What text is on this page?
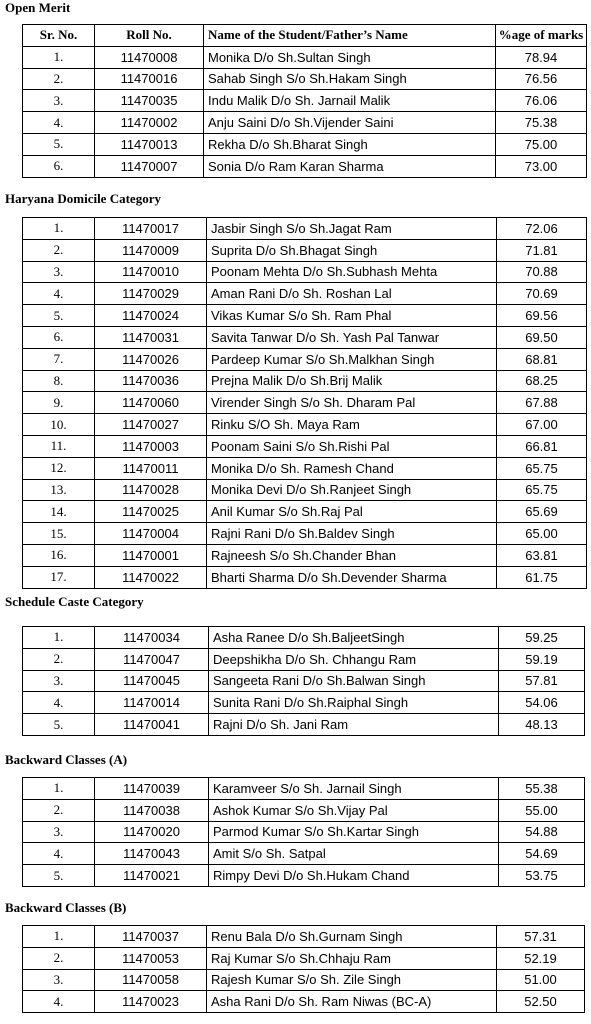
Open Merit
Sr. No.	Roll No.	Name of the Student/Father’s Name	%age of marks
1.	11470008	Monika D/o Sh.Sultan Singh	78.94
2.	11470016	Sahab Singh S/o Sh.Hakam Singh	76.56
3.	11470035	Indu Malik D/o Sh. Jarnail Malik	76.06
4.	11470002	Anju Saini D/o Sh.Vijender Saini	75.38
5.	11470013	Rekha D/o Sh.Bharat Singh	75.00
6.	11470007	Sonia D/o Ram Karan Sharma	73.00
Haryana Domicile Category
1.	11470017	Jasbir Singh S/o Sh.Jagat Ram	72.06
2.	11470009	Suprita D/o Sh.Bhagat Singh	71.81
3.	11470010	Poonam Mehta D/o Sh.Subhash Mehta	70.88
4.	11470029	Aman Rani D/o Sh. Roshan Lal	70.69
5.	11470024	Vikas Kumar S/o Sh. Ram Phal	69.56
6.	11470031	Savita Tanwar D/o Sh. Yash Pal Tanwar	69.50
7.	11470026	Pardeep Kumar S/o Sh.Malkhan Singh	68.81
8.	11470036	Prejna Malik D/o Sh.Brij Malik	68.25
9.	11470060	Virender Singh S/o Sh. Dharam Pal	67.88
10.	11470027	Rinku S/O Sh. Maya Ram	67.00
11.	11470003	Poonam Saini S/o Sh.Rishi Pal	66.81
12.	11470011	Monika D/o Sh. Ramesh Chand	65.75
13.	11470028	Monika Devi D/o Sh.Ranjeet Singh	65.75
14.	11470025	Anil Kumar S/o Sh.Raj Pal	65.69
15.	11470004	Rajni Rani D/o Sh.Baldev Singh	65.00
16.	11470001	Rajneesh S/o Sh.Chander Bhan	63.81
17.	11470022	Bharti Sharma D/o Sh.Devender Sharma	61.75
Schedule Caste Category
1.	11470034	Asha Ranee D/o Sh.BaljeetSingh	59.25
2.	11470047	Deepshikha D/o Sh. Chhangu Ram	59.19
3.	11470045	Sangeeta Rani D/o Sh.Balwan Singh	57.81
4.	11470014	Sunita Rani D/o Sh.Raiphal Singh	54.06
5.	11470041	Rajni D/o Sh. Jani Ram	48.13
Backward Classes (A)
1.	11470039	Karamveer S/o Sh. Jarnail Singh	55.38
2.	11470038	Ashok Kumar S/o Sh.Vijay Pal	55.00
3.	11470020	Parmod Kumar S/o Sh.Kartar Singh	54.88
4.	11470043	Amit S/o Sh. Satpal	54.69
5.	11470021	Rimpy Devi D/o Sh.Hukam Chand	53.75
Backward Classes (B)
1.	11470037	Renu Bala D/o Sh.Gurnam Singh	57.31
2.	11470053	Raj Kumar S/o Sh.Chhaju Ram	52.19
3.	11470058	Rajesh Kumar S/o Sh. Zile Singh	51.00
4.	11470023	Asha Rani D/o Sh. Ram Niwas (BC-A)	52.50
